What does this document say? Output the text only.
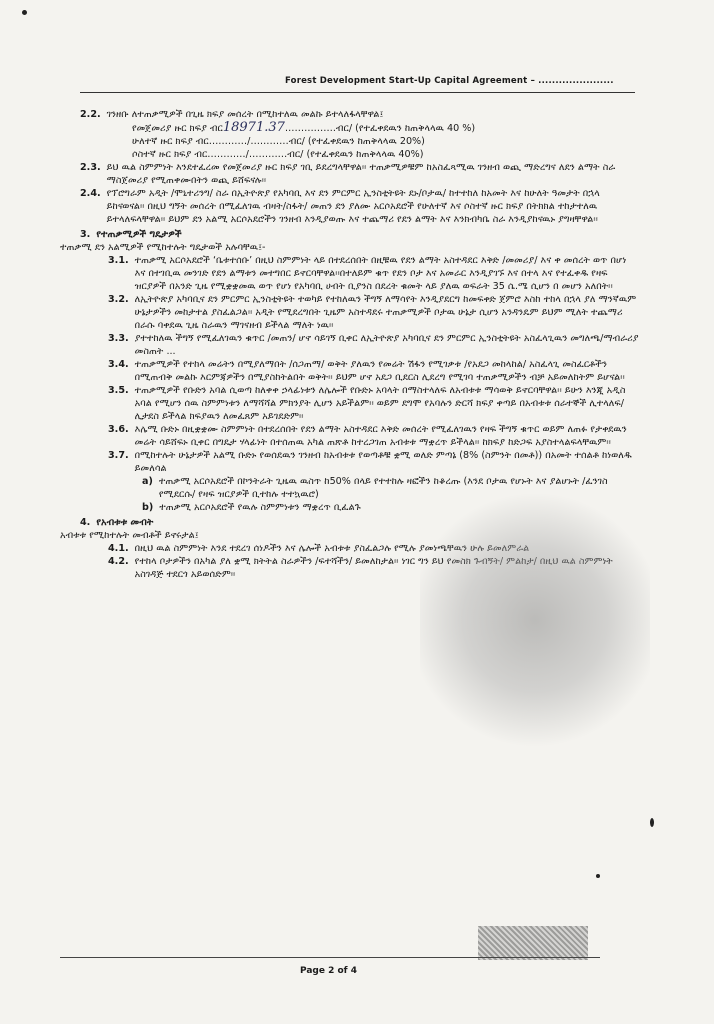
Forest Development Start-Up Capital Agreement – ......................
2.2. ገንዘቡ ለተጠቃሚዎች በጊዜ ክፍያ መሰረት በሚከተለዉ መልኩ ይተላለፋላቸዋል፤
የመጀመሪያ ዙር ክፍያ ብር18971.37…………….ብር/ (የተፈቀደዉን ከጠቅላላዉ 40 %)
ሁለተኛ ዙር ክፍያ ብር…………/…………ብር/ (የተፈቀደዉን ከጠቅላላዉ 20%)
ሶስተኛ ዙር ክፍያ ብር…………/…………ብር/ (የተፈቀደዉን ከጠቅላላዉ 40%)
2.3. ይህ ዉል ስምምነት እንደተፈረመ የመጀመሪያ ዙር ክፍያ ገቢ ይደረግላቸዋል፡፡ ተጠቃሚዎቹም ከአስፈጻሚዉ ገንዘብ ወጪ ማድረግና ለደን ልማት ስራ ማስጀመሪያ የሚጠቀሙበትን ወጪ ይሸፍናሉ፡፡
2.4. የፕሮግራም አዲት /ሞኒተሪንግ/ ስራ በኢትዮጵያ የአካባቢ እና ደን ምርምር ኢንስቲትዩት ደኑ/ቦታዉ/ ከተተከለ ከአመት እና ከሁለት ዓመታት በኋላ ይከናወናል፡፡ በዚህ ግኝት መሰረት በሚፈለገዉ ብዛት/ስፋት/ መጠን ደን ያለሙ አርሶአደሮች የሁለተኛ እና ሶስተኛ ዙር ክፍያ በትክክል ተከታተለዉ ይተላለፍላቸዋል፡፡ ይህም ደን አልሚ አርሶአደሮችን ገንዘብ እንዲያወጡ እና ተጨማሪ የደን ልማት እና እንክብካቤ ስራ እንዲያከናዉኑ ያግዛቸዋል፡፡
3. የተጠቃሚዎች ግዴታዎች
ተጠቃሚ ደን አልሚዎች የሚከተሉት ግዴታወች አሉባቸዉ፤-
3.1. ተጠቃሚ አርሶአደሮች ‘ቤቱተሰቡ’ በዚህ ስምምነት ላይ በተደረሰበት በዚቹዉ የደን ልማት አስተዳደር እቅድ /መመሪያ/ እና ቀ መሰረት ወጥ በሆነ እና በተገቢዉ መንገድ የደን ልማቱን መተግበር ይኖርባቸዋል፡፡በተለይም ቁጥ የደን ቦታ እና አመራር እንዲያገኙ እና በተላ እና የተፈቀዱ የዛፍ ዝርያዎች በአንድ ጊዜ የሚቋቋመዉ ወጥ የሆነ የአካባቢ ሀብት ቢያንስ በደረት ቁመት ላይ ያለዉ ወፍራት 35 ሴ.ሜ ሲሆን በ መሆን አለበት፡፡
3.2. ለኢትዮጵያ አካባቢና ደን ምርምር ኢንስቲትዩት ተወካይ የተከለዉን ችግኝ ለማሳየት እንዲያደርግ ከመፍቀድ ጀምሮ እስከ ተከላ በኋላ ያለ ማንኛዉም ሁኔታዎችን መከታተል ያስፈልጋል፡፡ አዲት የሚደረግበት ጊዜም አስተዳደሩ ተጠቃሚዎች ቦታዉ ሁኔታ ሲሆን አንዳንዴም ይህም ሚለት ተጨማሪ በራሱ ባቀደዉ ጊዜ ስራዉን ማገናዘብ ይችላል ማለት ነዉ፡፡
3.3. ያተተከለዉ ችግኝ የሚፈለገዉን ቁጥር /መጠን/ ሆኖ ሳይገኝ ቢቀር ለኢትዮጵያ አካባቢና ደን ምርምር ኢንስቲትዩት አስፈላጊዉን መግለጫ/ማብራሪያ መስጠት ...
3.4. ተጠቃሚዎች የተከላ መሬትን በሚያለማበት /ሰጋጠማ/ ወቅት ያለዉን የመሬት ሽፋን የሚገቃቱ /የአደጋ መከላከል/ አስፈላጊ መስፈርቶችን በሚጠብቅ መልኩ እርምጃዎችን በሚያስከትልበት ወቅት፡፡ ይህም ሆኖ አደጋ ቢደርስ ሊደረግ የሚገባ ተጠቃሚዎችን ብቻ አይመለከትም ይሆናል፡፡
3.5. ተጠቃሚዎች የቡድን አባል ሲወጣ ከለቀቀ ኃላፊነቱን ለሌሎች የቡድኑ አባላት በማስተላለፍ ለአብቱቱ ማሳወቅ ይኖርባቸዋል፡፡ ይሁን እንጂ አዲስ አባል የሚሆን ሰዉ ስምምነቱን ለማሻሻል ምክንያት ሊሆን አይችልም፡፡ ወይም ደግሞ የአባሉን ድርሻ ክፍያ ቀጣይ በአብቱቱ ሰራተኞች ሊተላለፍ/ሊታደስ ይችላል ክፍያዉን ለመፈጸም አይገደድም፡፡
3.6. እሌሚ ቡድኑ በዚቋቋሙ ስምምነት በተደረሰበት የደን ልማት አስተዳደር እቅድ መሰረት የሚፈለገዉን የዛፍ ችግኝ ቁጥር ወይም ለጠፉ የታቀደዉን መሬት ሳይሸፍኑ ቢቀር በግዴታ ሃላፊነት በተሰጠዉ አካል ጠጽቶ ከተረጋገጠ አብቱቱ ማቋረጥ ይችላል፡፡ ከክፍያ ከድጋፍ አያስተላልፍላቸዉም፡፡
3.7. በሚከተሉት ሁኔታዎች አልሚ ቡድኑ የወሰደዉን ገንዘብ ከአብቱቱ የወጣቶቹ ቋሚ ወለድ ምጣኔ (8% (ስምንት በመቶ)) በአመት ተሰልቶ ከነወለዱ ይመለሳል
a) ተጠቃሚ አርሶአደሮች በኮንትራት ጊዜዉ ዉስጥ ከ50% በላይ የተተከሉ ዛፎችን ከቆረጡ (እንደ ቦታዉ የሆኑት እና ያልሆኑት /ፈንገስ የሚደርሱ/ የዛፍ ዝርያዎች ቢተከሉ ተተኳዉሮ)
b) ተጠቃሚ አርሶአደሮች የዉሉ ስምምነቱን ማቋረጥ ቢፈልጉ
4. የአብቱቱ መብት
አብቱቱ የሚከተሉት መብቶች ይኖሩታል፤
4.1. በዚህ ዉል ስምምነት እንደ ተደረገ ሰነዶችን እና ሌሎች አብቱቱ ያስፈልጋሉ የሚሉ ያመነጫቸዉን ሁሉ ይመለምራል
4.2. የተከላ ቦታዎችን በአካል ያለ ቋሚ ክትትል ስራዎችን /ፍተሻችን/ ይመለከታል፡፡ ነገር ግን ይህ የመስክ ጉብኝት/ ምልከታ/ በዚህ ዉል ስምምነት አስገዳጅ ተደርጎ አይወሰድም፡፡
Page 2 of 4
